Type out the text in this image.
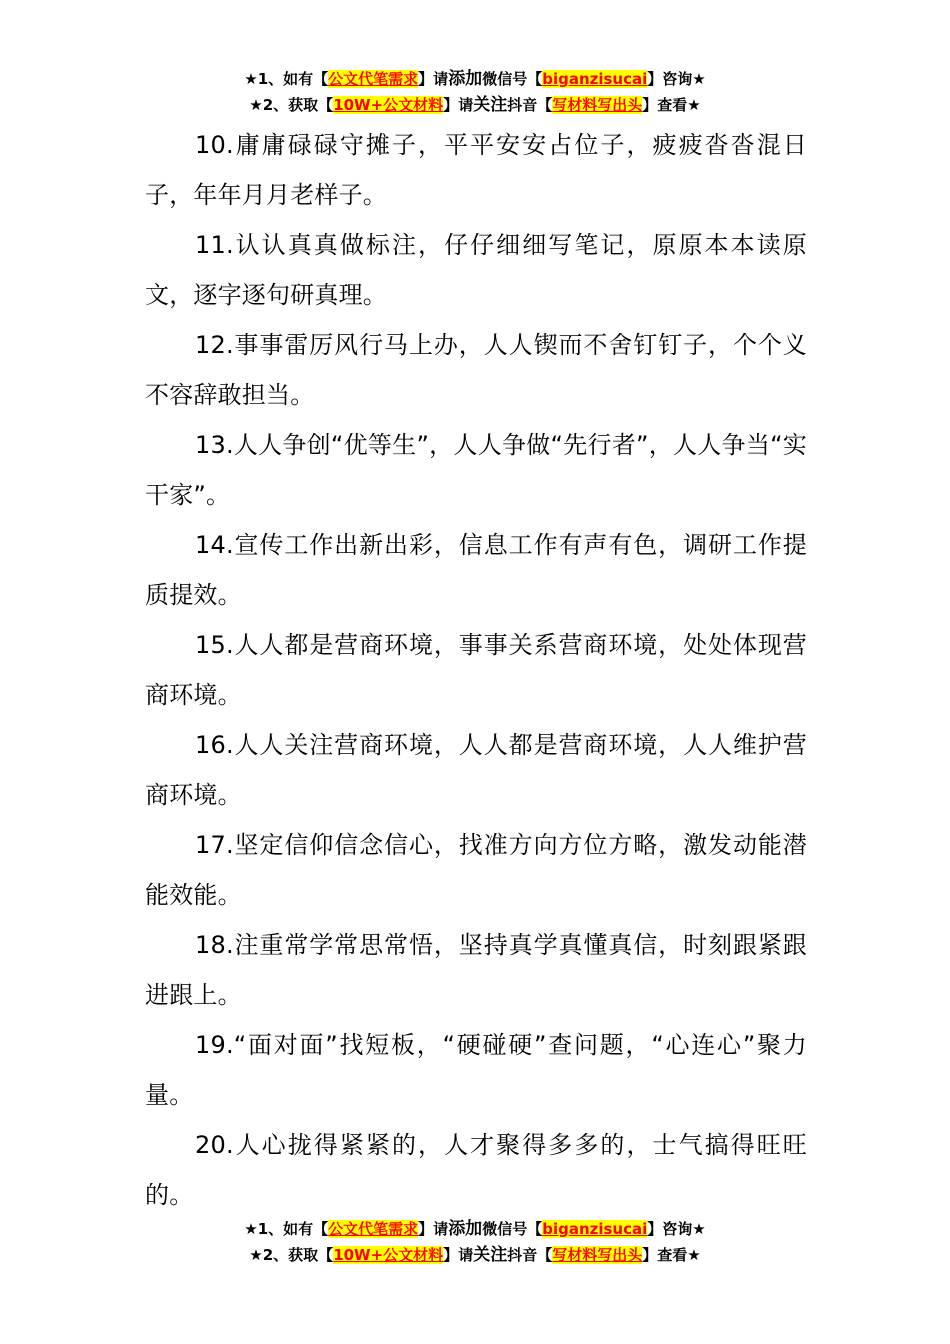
★1、如有【公文代笔需求】请添加微信号【biganzisucai】咨询★
★2、获取【10W+公文材料】请关注抖音【写材料写出头】查看★

10.庸庸碌碌守摊子，平平安安占位子，疲疲沓沓混日子，年年月月老样子。

11.认认真真做标注，仔仔细细写笔记，原原本本读原文，逐字逐句研真理。

12.事事雷厉风行马上办，人人锲而不舍钉钉子，个个义不容辞敢担当。

13.人人争创“优等生”，人人争做“先行者”，人人争当“实干家”。

14.宣传工作出新出彩，信息工作有声有色，调研工作提质提效。

15.人人都是营商环境，事事关系营商环境，处处体现营商环境。

16.人人关注营商环境，人人都是营商环境，人人维护营商环境。

17.坚定信仰信念信心，找准方向方位方略，激发动能潜能效能。

18.注重常学常思常悟，坚持真学真懂真信，时刻跟紧跟进跟上。

19.“面对面”找短板，“硬碰硬”查问题，“心连心”聚力量。

20.人心拢得紧紧的，人才聚得多多的，士气搞得旺旺的。

★1、如有【公文代笔需求】请添加微信号【biganzisucai】咨询★
★2、获取【10W+公文材料】请关注抖音【写材料写出头】查看★
